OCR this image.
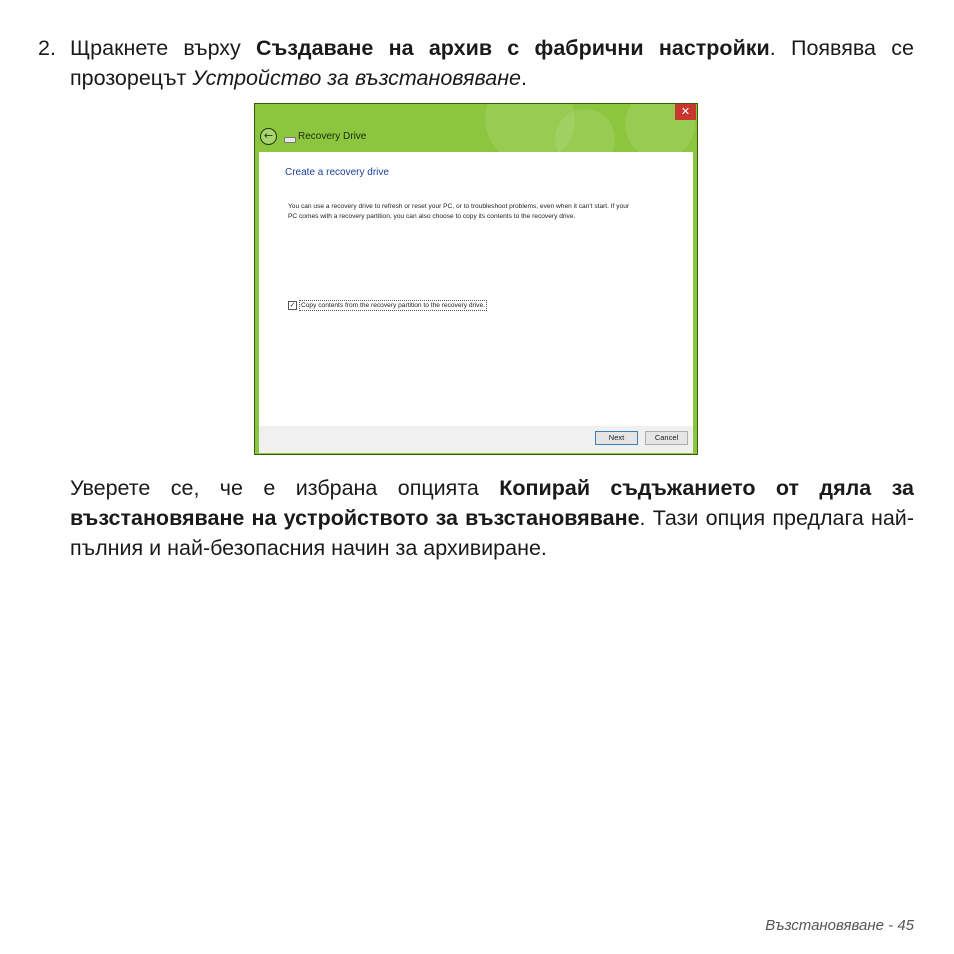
2. Щракнете върху Създаване на архив с фабрични настройки. Появява се прозорецът Устройство за възстановяване.
✕
←	Recovery Drive
Create a recovery drive
You can use a recovery drive to refresh or reset your PC, or to troubleshoot problems, even when it can't start. If your PC comes with a recovery partition, you can also choose to copy its contents to the recovery drive.
✓ Copy contents from the recovery partition to the recovery drive.
Next	Cancel
Уверете се, че е избрана опцията Копирай съдъжанието от дяла за възстановяване на устройството за възстановяване. Тази опция предлага най-пълния и най-безопасния начин за архивиране.
Възстановяване - 45
